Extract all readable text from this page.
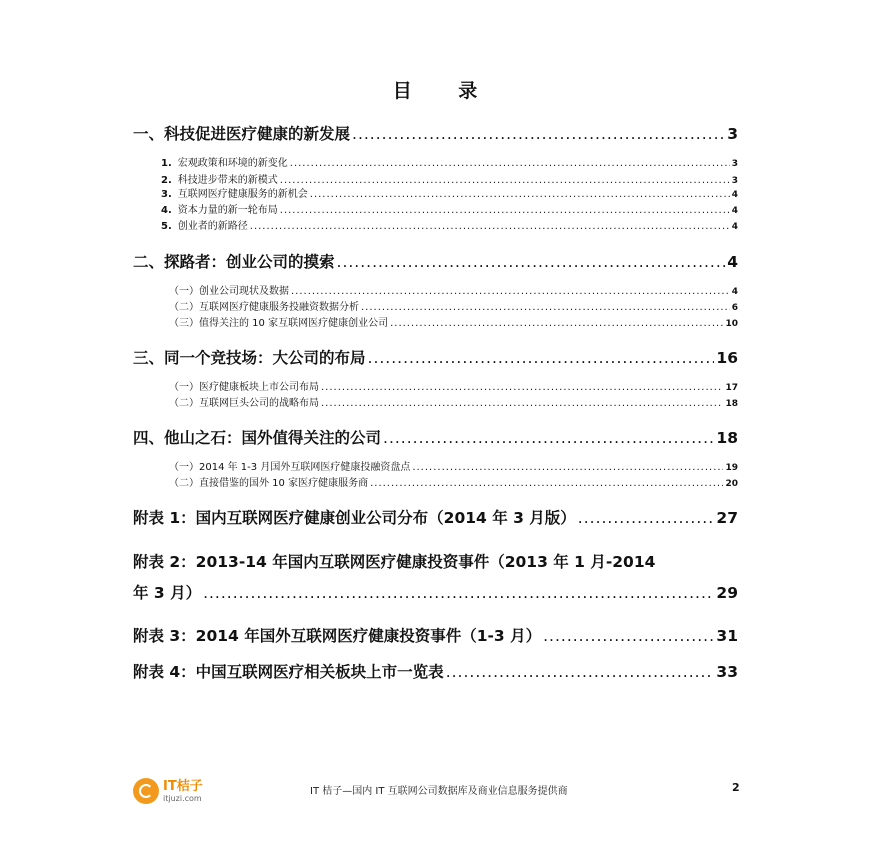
目 录
一、科技促进医疗健康的新发展 .....	3
1. 宏观政策和环境的新变化 .....	3
2. 科技进步带来的新模式 .....	3
3. 互联网医疗健康服务的新机会 .....	4
4. 资本力量的新一轮布局 .....	4
5. 创业者的新路径 .....	4
二、探路者：创业公司的摸索 .....	4
（一）创业公司现状及数据 .....	4
（二）互联网医疗健康服务投融资数据分析 .....	6
（三）值得关注的 10 家互联网医疗健康创业公司 .....	10
三、同一个竞技场：大公司的布局 .....	16
（一）医疗健康板块上市公司布局 .....	17
（二）互联网巨头公司的战略布局 .....	18
四、他山之石：国外值得关注的公司 .....	18
（一）2014 年 1-3 月国外互联网医疗健康投融资盘点 .....	19
（二）直接借鉴的国外 10 家医疗健康服务商 .....	20
附表 1：国内互联网医疗健康创业公司分布（2014 年 3 月版） .....	27
附表 2：2013-14 年国内互联网医疗健康投资事件（2013 年 1 月-2014
年 3 月） .....	29
附表 3：2014 年国外互联网医疗健康投资事件（1-3 月） .....	31
附表 4：中国互联网医疗相关板块上市一览表 .....	33
IT桔子
itjuzi.com
IT 桔子—国内 IT 互联网公司数据库及商业信息服务提供商	2
